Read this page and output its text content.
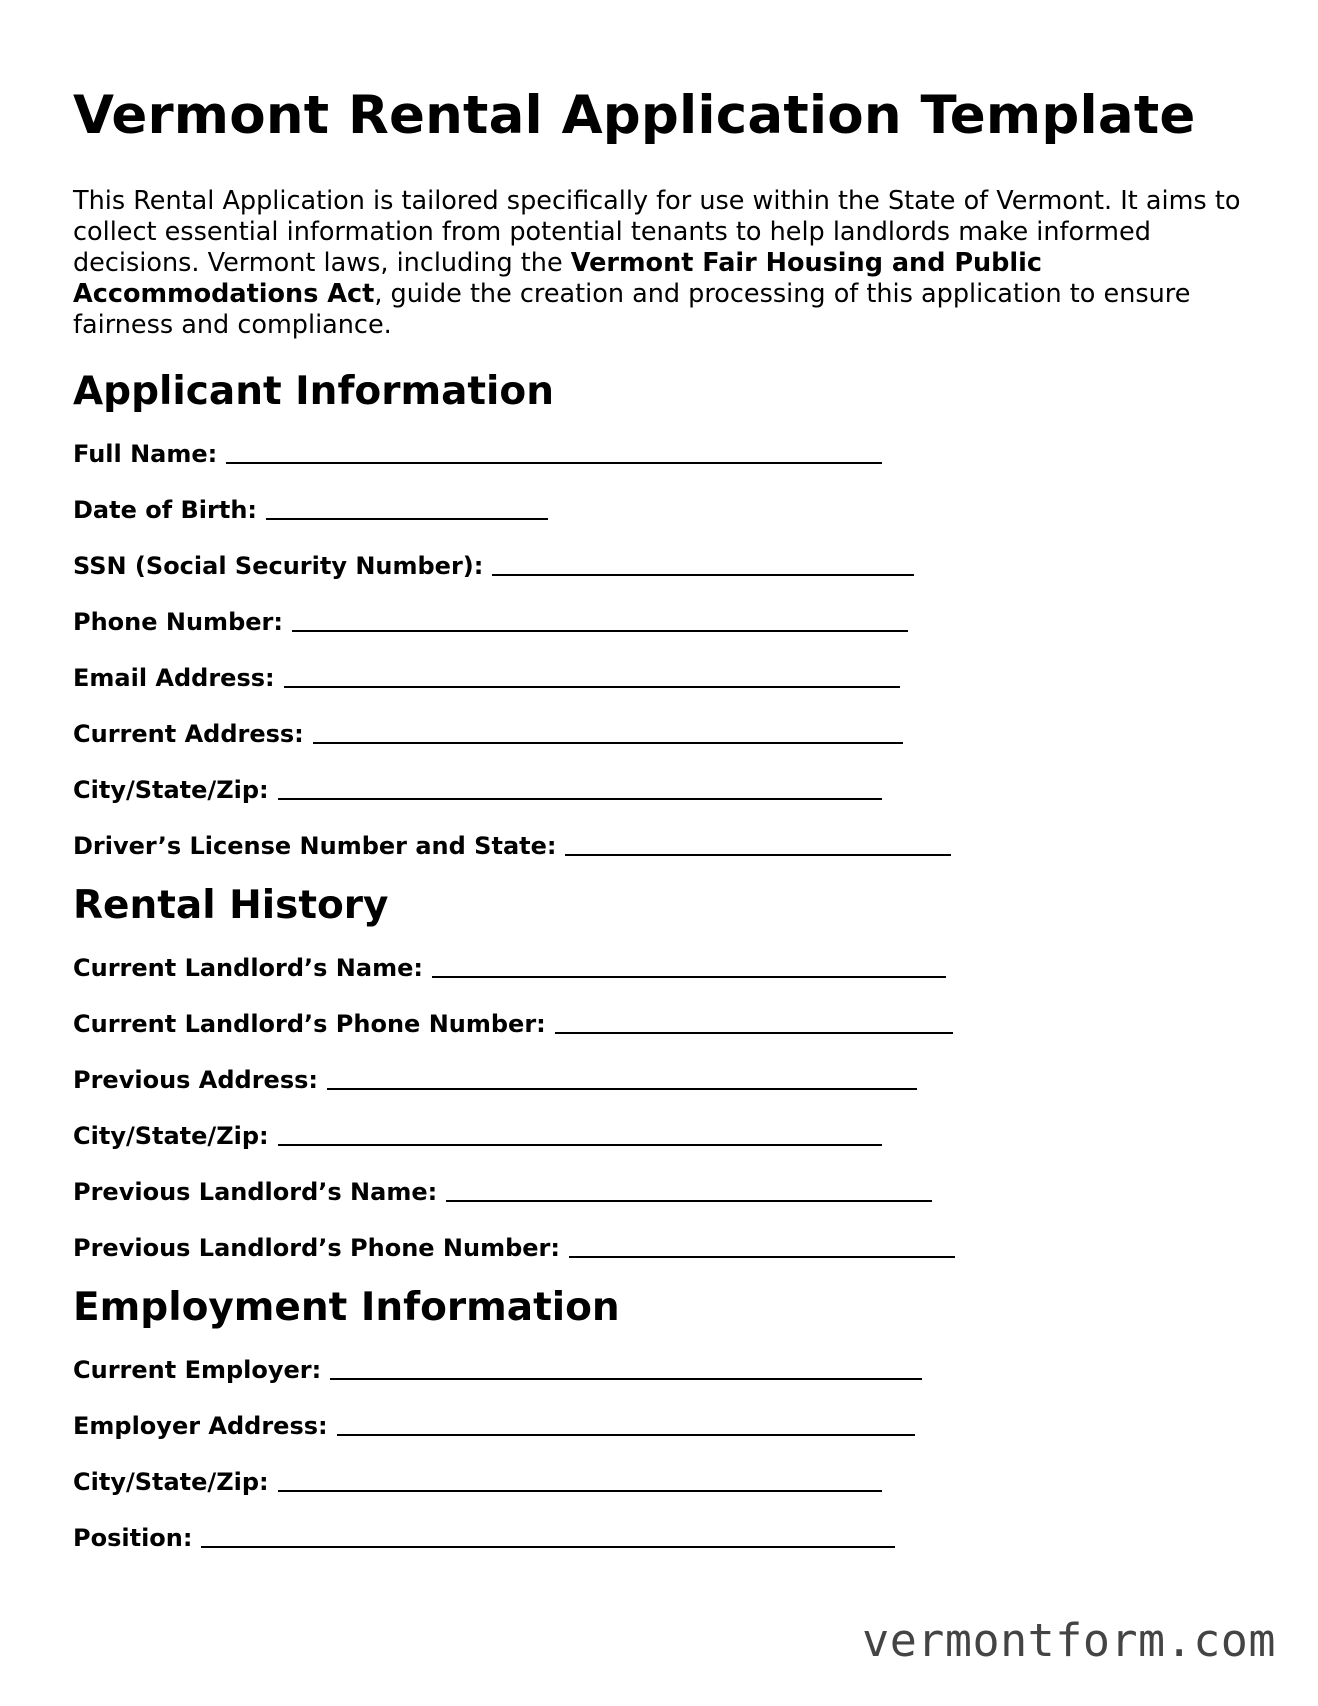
Vermont Rental Application Template

This Rental Application is tailored specifically for use within the State of Vermont. It aims to collect essential information from potential tenants to help landlords make informed decisions. Vermont laws, including the Vermont Fair Housing and Public Accommodations Act, guide the creation and processing of this application to ensure fairness and compliance.

Applicant Information
Full Name:
Date of Birth:
SSN (Social Security Number):
Phone Number:
Email Address:
Current Address:
City/State/Zip:
Driver’s License Number and State:
Rental History
Current Landlord’s Name:
Current Landlord’s Phone Number:
Previous Address:
City/State/Zip:
Previous Landlord’s Name:
Previous Landlord’s Phone Number:
Employment Information
Current Employer:
Employer Address:
City/State/Zip:
Position:
vermontform.com
